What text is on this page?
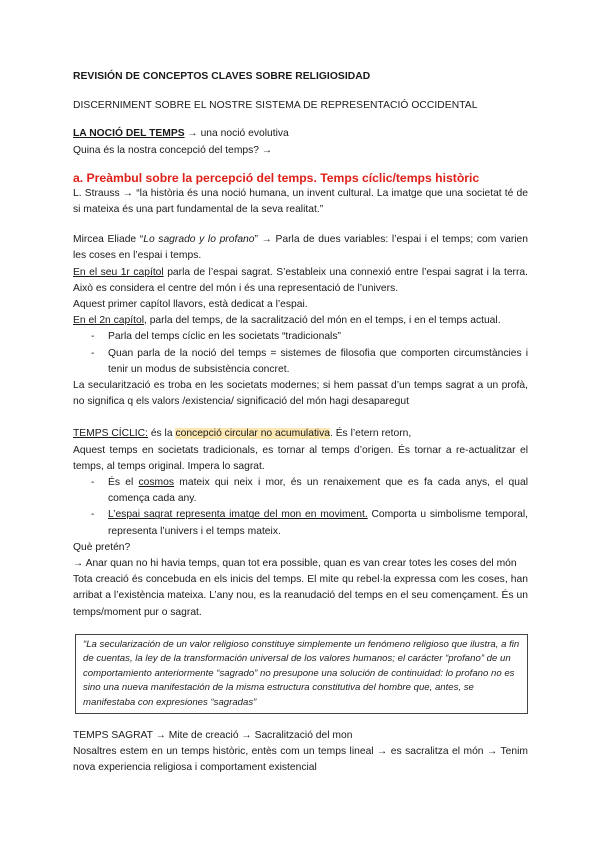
REVISIÓN DE CONCEPTOS CLAVES SOBRE RELIGIOSIDAD

DISCERNIMENT SOBRE EL NOSTRE SISTEMA DE REPRESENTACIÓ OCCIDENTAL

LA NOCIÓ DEL TEMPS → una noció evolutiva

Quina és la nostra concepció del temps? →

a. Preàmbul sobre la percepció del temps. Temps cíclic/temps històric

L. Strauss → “la història és una noció humana, un invent cultural. La imatge que una societat té de si mateixa és una part fundamental de la seva realitat.”

Mircea Eliade “Lo sagrado y lo profano” → Parla de dues variables: l’espai i el temps; com varien les coses en l’espai i temps.

En el seu 1r capítol parla de l’espai sagrat. S’estableix una connexió entre l’espai sagrat i la terra. Això es considera el centre del món i és una representació de l’univers.

Aquest primer capítol llavors, està dedicat a l’espai.

En el 2n capítol, parla del temps, de la sacralització del món en el temps, i en el temps actual.

- Parla del temps cíclic en les societats “tradicionals”
- Quan parla de la noció del temps = sistemes de filosofia que comporten circumstàncies i tenir un modus de subsistència concret.

La secularització es troba en les societats modernes; si hem passat d’un temps sagrat a un profà, no significa q els valors /existencia/ significació del món hagi desaparegut

TEMPS CÍCLIC: és la concepció circular no acumulativa. És l’etern retorn,

Aquest temps en societats tradicionals, es tornar al temps d’origen. És tornar a re-actualitzar el temps, al temps original. Impera lo sagrat.

- És el cosmos mateix qui neix i mor, és un renaixement que es fa cada anys, el qual comença cada any.
- L’espai sagrat representa imatge del mon en moviment. Comporta u simbolisme temporal, representa l’univers i el temps mateix.

Què pretén?

→ Anar quan no hi havia temps, quan tot era possible, quan es van crear totes les coses del món

Tota creació és concebuda en els inicis del temps. El mite qu rebel·la expressa com les coses, han arribat a l’existència mateixa. L’any nou, es la reanudació del temps en el seu començament. És un temps/moment pur o sagrat.

“La secularización de un valor religioso constituye simplemente un fenómeno religioso que ilustra, a fin de cuentas, la ley de la transformación universal de los valores humanos; el carácter “profano” de un comportamiento anteriormente “sagrado” no presupone una solución de continuidad: lo profano no es sino una nueva manifestación de la misma estructura constitutiva del hombre que, antes, se manifestaba con expresiones “sagradas”

TEMPS SAGRAT → Mite de creació → Sacralització del mon

Nosaltres estem en un temps històric, entès com un temps lineal → es sacralitza el món → Tenim nova experiencia religiosa i comportament existencial
